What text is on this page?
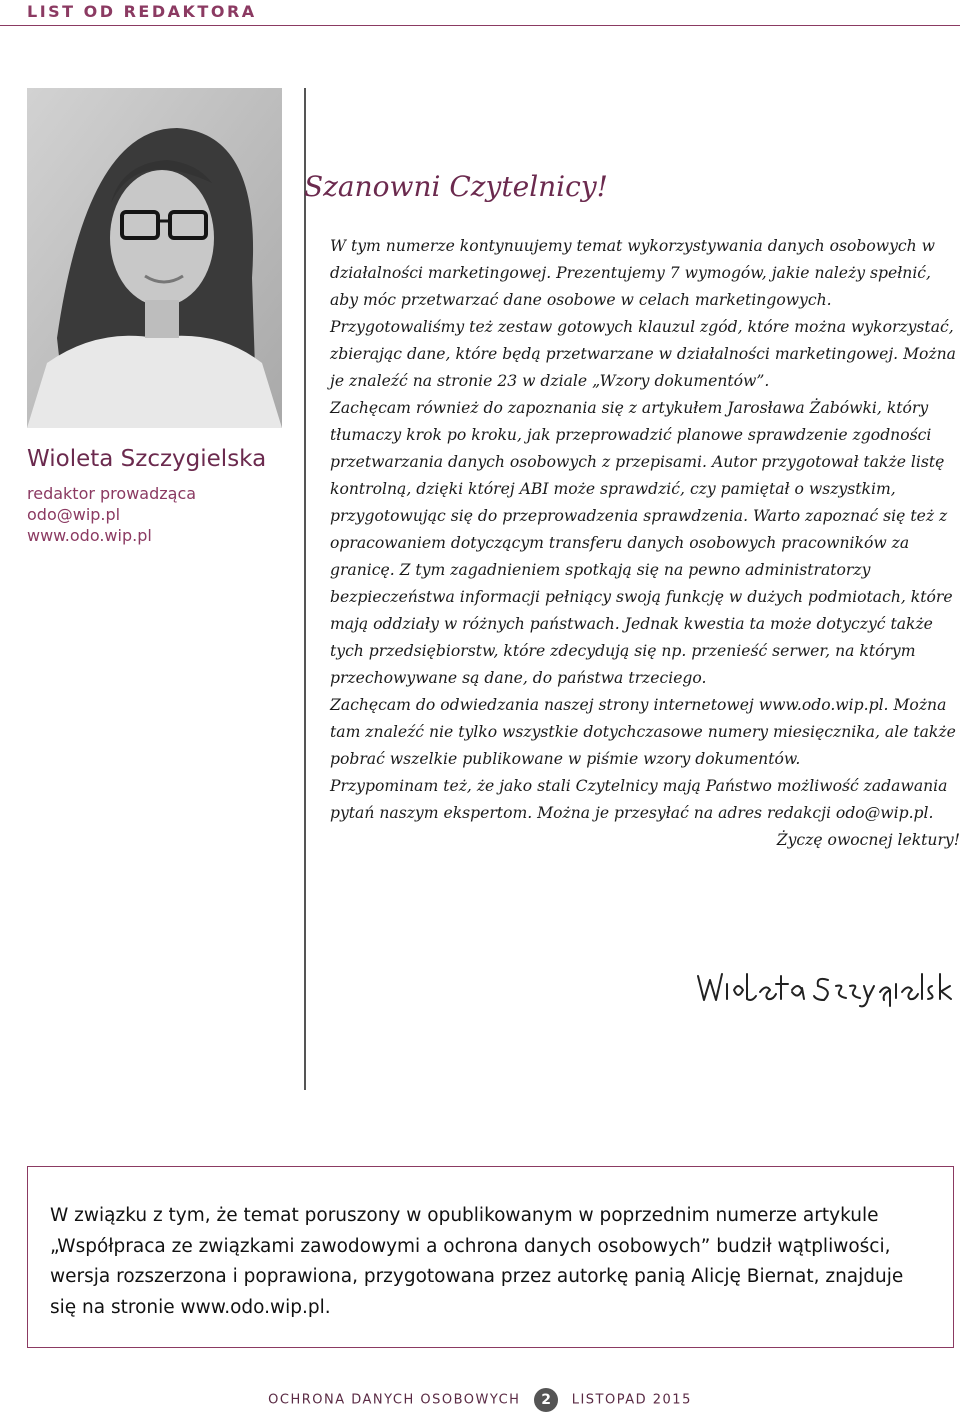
LIST OD REDAKTORA
Wioleta Szczygielska
redaktor prowadząca
odo@wip.pl
www.odo.wip.pl
Szanowni Czytelnicy!

W tym numerze kontynuujemy temat wykorzystywania danych osobowych w działalności marketingowej. Prezentujemy 7 wymogów, jakie należy spełnić, aby móc przetwarzać dane osobowe w celach marketingowych. Przygotowaliśmy też zestaw gotowych klauzul zgód, które można wykorzystać, zbierając dane, które będą przetwarzane w działalności marketingowej. Można je znaleźć na stronie 23 w dziale „Wzory dokumentów”.

Zachęcam również do zapoznania się z artykułem Jarosława Żabówki, który tłumaczy krok po kroku, jak przeprowadzić planowe sprawdzenie zgodności przetwarzania danych osobowych z przepisami. Autor przygotował także listę kontrolną, dzięki której ABI może sprawdzić, czy pamiętał o wszystkim, przygotowując się do przeprowadzenia sprawdzenia. Warto zapoznać się też z opracowaniem dotyczącym transferu danych osobowych pracowników za granicę. Z tym zagadnieniem spotkają się na pewno administratorzy bezpieczeństwa informacji pełniący swoją funkcję w dużych podmiotach, które mają oddziały w różnych państwach. Jednak kwestia ta może dotyczyć także tych przedsiębiorstw, które zdecydują się np. przenieść serwer, na którym przechowywane są dane, do państwa trzeciego.

Zachęcam do odwiedzania naszej strony internetowej www.odo.wip.pl. Można tam znaleźć nie tylko wszystkie dotychczasowe numery miesięcznika, ale także pobrać wszelkie publikowane w piśmie wzory dokumentów.

Przypominam też, że jako stali Czytelnicy mają Państwo możliwość zadawania pytań naszym ekspertom. Można je przesyłać na adres redakcji odo@wip.pl.

Życzę owocnej lektury!

W związku z tym, że temat poruszony w opublikowanym w poprzednim numerze artykule „Współpraca ze związkami zawodowymi a ochrona danych osobowych” budził wątpliwości, wersja rozszerzona i poprawiona, przygotowana przez autorkę panią Alicję Biernat, znajduje się na stronie www.odo.wip.pl.

OCHRONA DANYCH OSOBOWYCH 2 LISTOPAD 2015
